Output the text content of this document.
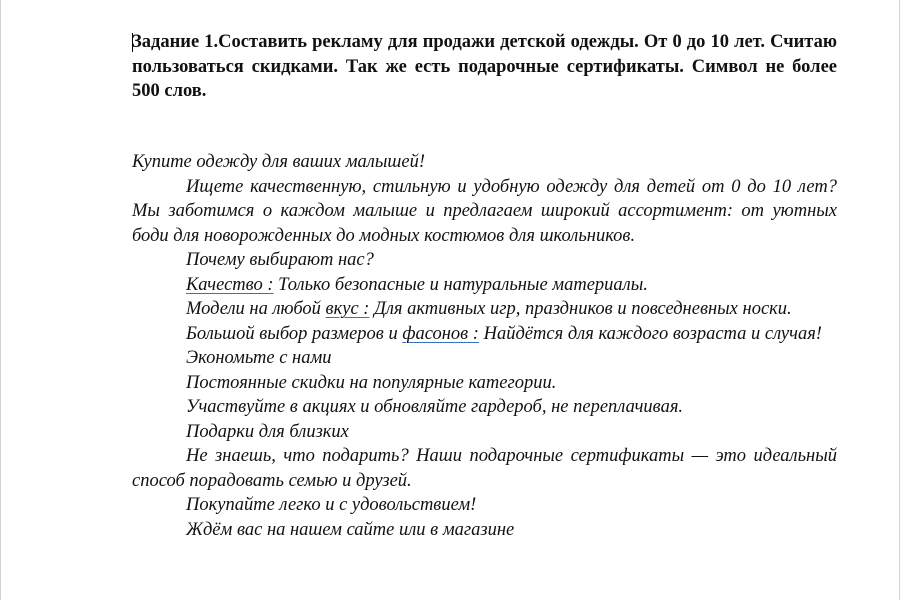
Задание 1.Составить рекламу для продажи детской одежды. От 0 до 10 лет. Считаю пользоваться скидками. Так же есть подарочные сертификаты. Символ не более 500 слов.

Купите одежду для ваших малышей!

Ищете качественную, стильную и удобную одежду для детей от 0 до 10 лет? Мы заботимся о каждом малыше и предлагаем широкий ассортимент: от уютных боди для новорожденных до модных костюмов для школьников.

Почему выбирают нас?

Качество : Только безопасные и натуральные материалы.

Модели на любой вкус : Для активных игр, праздников и повседневных носки.

Большой выбор размеров и фасонов : Найдётся для каждого возраста и случая!

Экономьте с нами

Постоянные скидки на популярные категории.

Участвуйте в акциях и обновляйте гардероб, не переплачивая.

Подарки для близких

Не знаешь, что подарить? Наши подарочные сертификаты — это идеальный способ порадовать семью и друзей.

Покупайте легко и с удовольствием!

Ждём вас на нашем сайте или в магазине
